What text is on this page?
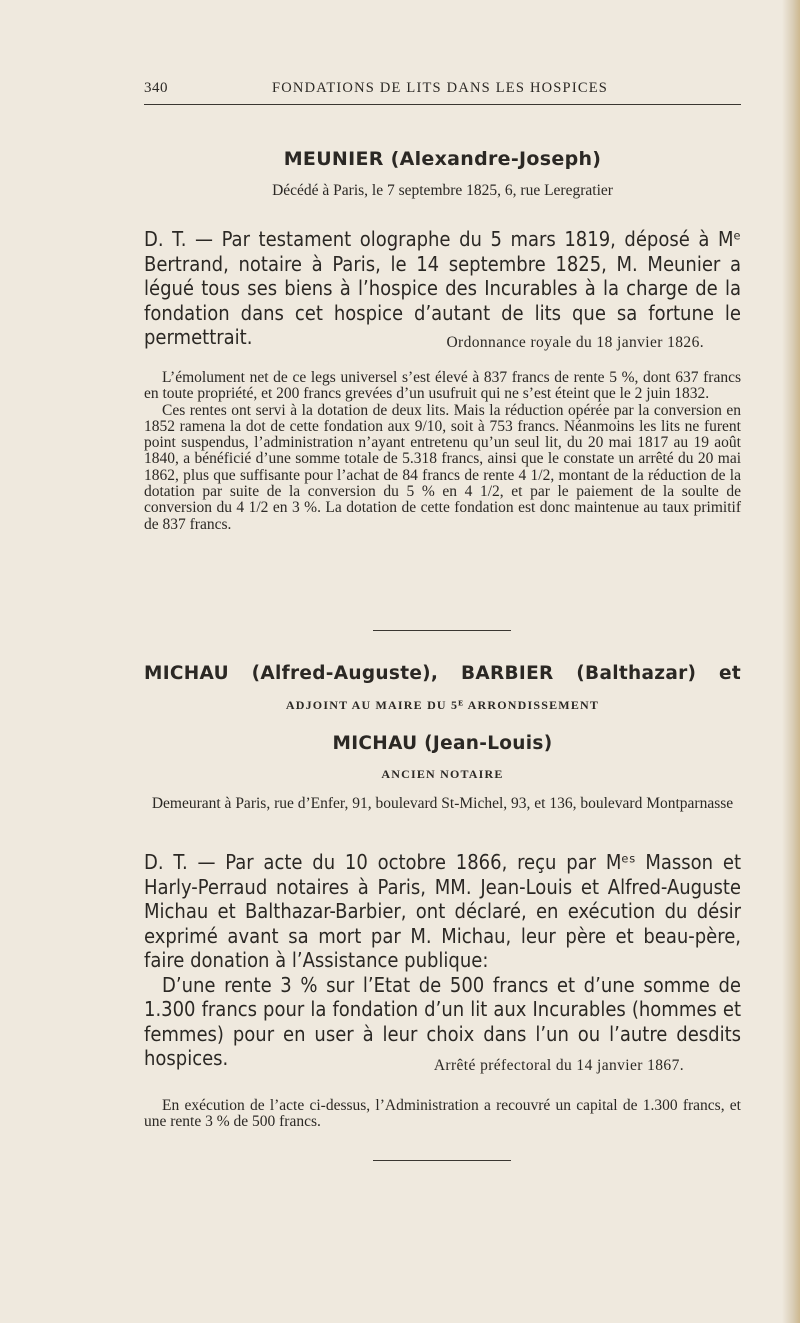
340	FONDATIONS DE LITS DANS LES HOSPICES
MEUNIER (Alexandre-Joseph)
Décédé à Paris, le 7 septembre 1825, 6, rue Leregratier

D. T. — Par testament olographe du 5 mars 1819, déposé à Mᵉ Bertrand, notaire à Paris, le 14 septembre 1825, M. Meunier a légué tous ses biens à l’hospice des Incurables à la charge de la fondation dans cet hospice d’autant de lits que sa fortune le permettrait.	Ordonnance royale du 18 janvier 1826.

L’émolument net de ce legs universel s’est élevé à 837 francs de rente 5 %, dont 637 francs en toute propriété, et 200 francs grevées d’un usufruit qui ne s’est éteint que le 2 juin 1832.

Ces rentes ont servi à la dotation de deux lits. Mais la réduction opérée par la conversion en 1852 ramena la dot de cette fondation aux 9/10, soit à 753 francs. Néanmoins les lits ne furent point suspendus, l’administration n’ayant entretenu qu’un seul lit, du 20 mai 1817 au 19 août 1840, a bénéficié d’une somme totale de 5.318 francs, ainsi que le constate un arrêté du 20 mai 1862, plus que suffisante pour l’achat de 84 francs de rente 4 1/2, montant de la réduction de la dotation par suite de la conversion du 5 % en 4 1/2, et par le paiement de la soulte de conversion du 4 1/2 en 3 %. La dotation de cette fondation est donc maintenue au taux primitif de 837 francs.

MICHAU (Alfred-Auguste), BARBIER (Balthazar) et
ADJOINT AU MAIRE DU 5ᴱ ARRONDISSEMENT
MICHAU (Jean-Louis)
ANCIEN NOTAIRE
Demeurant à Paris, rue d’Enfer, 91, boulevard St-Michel, 93, et 136, boulevard Montparnasse

D. T. — Par acte du 10 octobre 1866, reçu par Mᵉˢ Masson et Harly-Perraud notaires à Paris, MM. Jean-Louis et Alfred-Auguste Michau et Balthazar-Barbier, ont déclaré, en exécution du désir exprimé avant sa mort par M. Michau, leur père et beau-père, faire donation à l’Assistance publique:

D’une rente 3 % sur l’Etat de 500 francs et d’une somme de 1.300 francs pour la fondation d’un lit aux Incurables (hommes et femmes) pour en user à leur choix dans l’un ou l’autre desdits hospices.	Arrêté préfectoral du 14 janvier 1867.

En exécution de l’acte ci-dessus, l’Administration a recouvré un capital de 1.300 francs, et une rente 3 % de 500 francs.
